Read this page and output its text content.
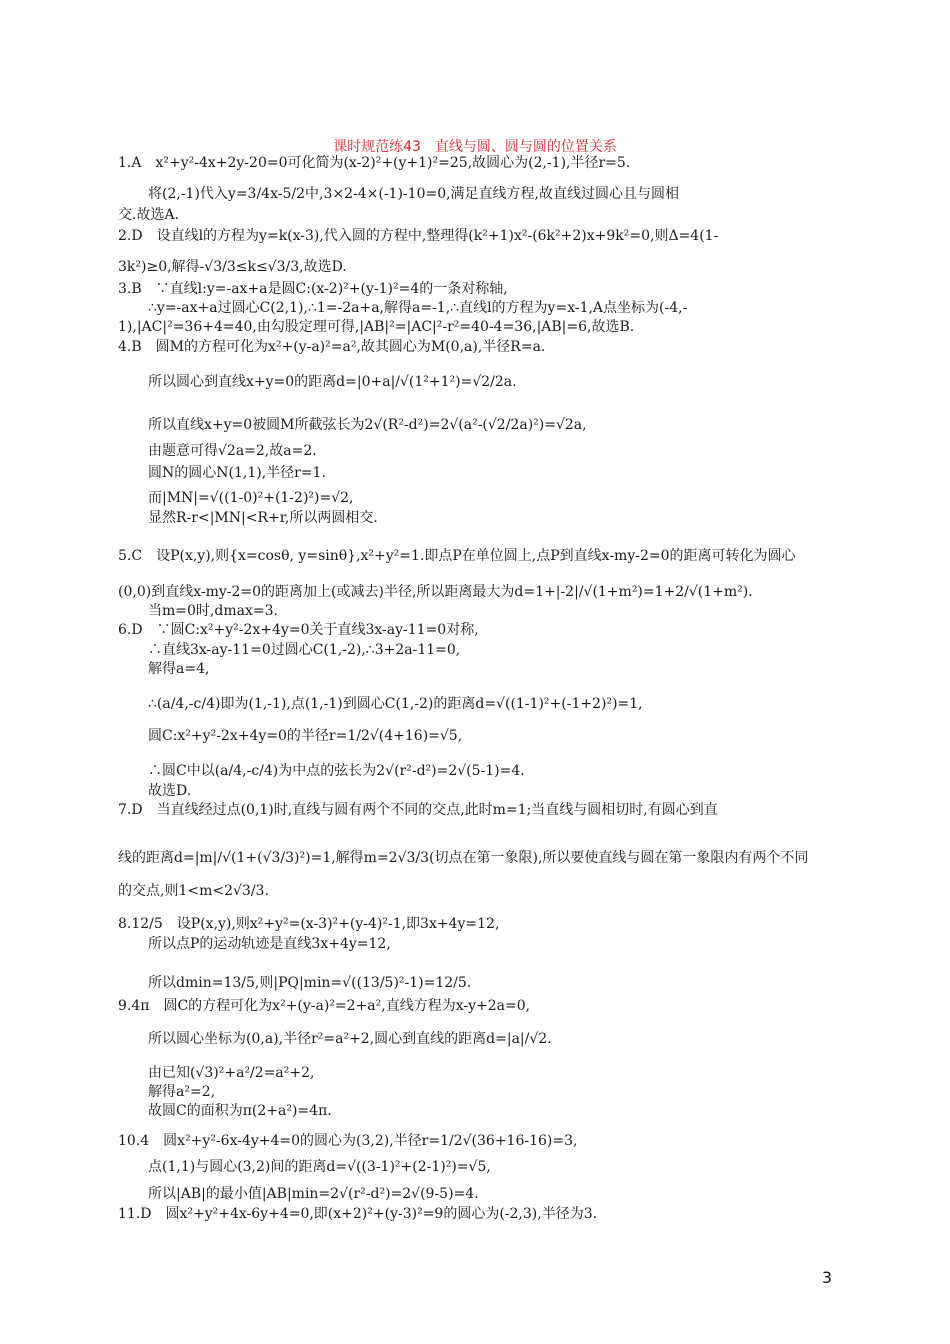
课时规范练43　直线与圆、圆与圆的位置关系
1.A　x²+y²-4x+2y-20=0可化简为(x-2)²+(y+1)²=25,故圆心为(2,-1),半径r=5.
将(2,-1)代入y=3/4x-5/2中,3×2-4×(-1)-10=0,满足直线方程,故直线过圆心且与圆相
交.故选A.
2.D　设直线l的方程为y=k(x-3),代入圆的方程中,整理得(k²+1)x²-(6k²+2)x+9k²=0,则Δ=4(1-
3k²)≥0,解得-√3/3≤k≤√3/3,故选D.
3.B　∵直线l:y=-ax+a是圆C:(x-2)²+(y-1)²=4的一条对称轴,
∴y=-ax+a过圆心C(2,1),∴1=-2a+a,解得a=-1,∴直线l的方程为y=x-1,A点坐标为(-4,-
1),|AC|²=36+4=40,由勾股定理可得,|AB|²=|AC|²-r²=40-4=36,|AB|=6,故选B.
4.B　圆M的方程可化为x²+(y-a)²=a²,故其圆心为M(0,a),半径R=a.
所以圆心到直线x+y=0的距离d=|0+a|/√(1²+1²)=√2/2a.
所以直线x+y=0被圆M所截弦长为2√(R²-d²)=2√(a²-(√2/2a)²)=√2a,
由题意可得√2a=2,故a=2.
圆N的圆心N(1,1),半径r=1.
而|MN|=√((1-0)²+(1-2)²)=√2,
显然R-r<|MN|<R+r,所以两圆相交.
5.C　设P(x,y),则{x=cosθ, y=sinθ},x²+y²=1.即点P在单位圆上,点P到直线x-my-2=0的距离可转化为圆心
(0,0)到直线x-my-2=0的距离加上(或减去)半径,所以距离最大为d=1+|-2|/√(1+m²)=1+2/√(1+m²).
当m=0时,dmax=3.
6.D　∵圆C:x²+y²-2x+4y=0关于直线3x-ay-11=0对称,
∴直线3x-ay-11=0过圆心C(1,-2),∴3+2a-11=0,
解得a=4,
∴(a/4,-c/4)即为(1,-1),点(1,-1)到圆心C(1,-2)的距离d=√((1-1)²+(-1+2)²)=1,
圆C:x²+y²-2x+4y=0的半径r=1/2√(4+16)=√5,
∴圆C中以(a/4,-c/4)为中点的弦长为2√(r²-d²)=2√(5-1)=4.
故选D.
7.D　当直线经过点(0,1)时,直线与圆有两个不同的交点,此时m=1;当直线与圆相切时,有圆心到直
线的距离d=|m|/√(1+(√3/3)²)=1,解得m=2√3/3(切点在第一象限),所以要使直线与圆在第一象限内有两个不同
的交点,则1<m<2√3/3.
8.12/5　设P(x,y),则x²+y²=(x-3)²+(y-4)²-1,即3x+4y=12,
所以点P的运动轨迹是直线3x+4y=12,
所以dmin=13/5,则|PQ|min=√((13/5)²-1)=12/5.
9.4π　圆C的方程可化为x²+(y-a)²=2+a²,直线方程为x-y+2a=0,
所以圆心坐标为(0,a),半径r²=a²+2,圆心到直线的距离d=|a|/√2.
由已知(√3)²+a²/2=a²+2,
解得a²=2,
故圆C的面积为π(2+a²)=4π.
10.4　圆x²+y²-6x-4y+4=0的圆心为(3,2),半径r=1/2√(36+16-16)=3,
点(1,1)与圆心(3,2)间的距离d=√((3-1)²+(2-1)²)=√5,
所以|AB|的最小值|AB|min=2√(r²-d²)=2√(9-5)=4.
11.D　圆x²+y²+4x-6y+4=0,即(x+2)²+(y-3)²=9的圆心为(-2,3),半径为3.
3
